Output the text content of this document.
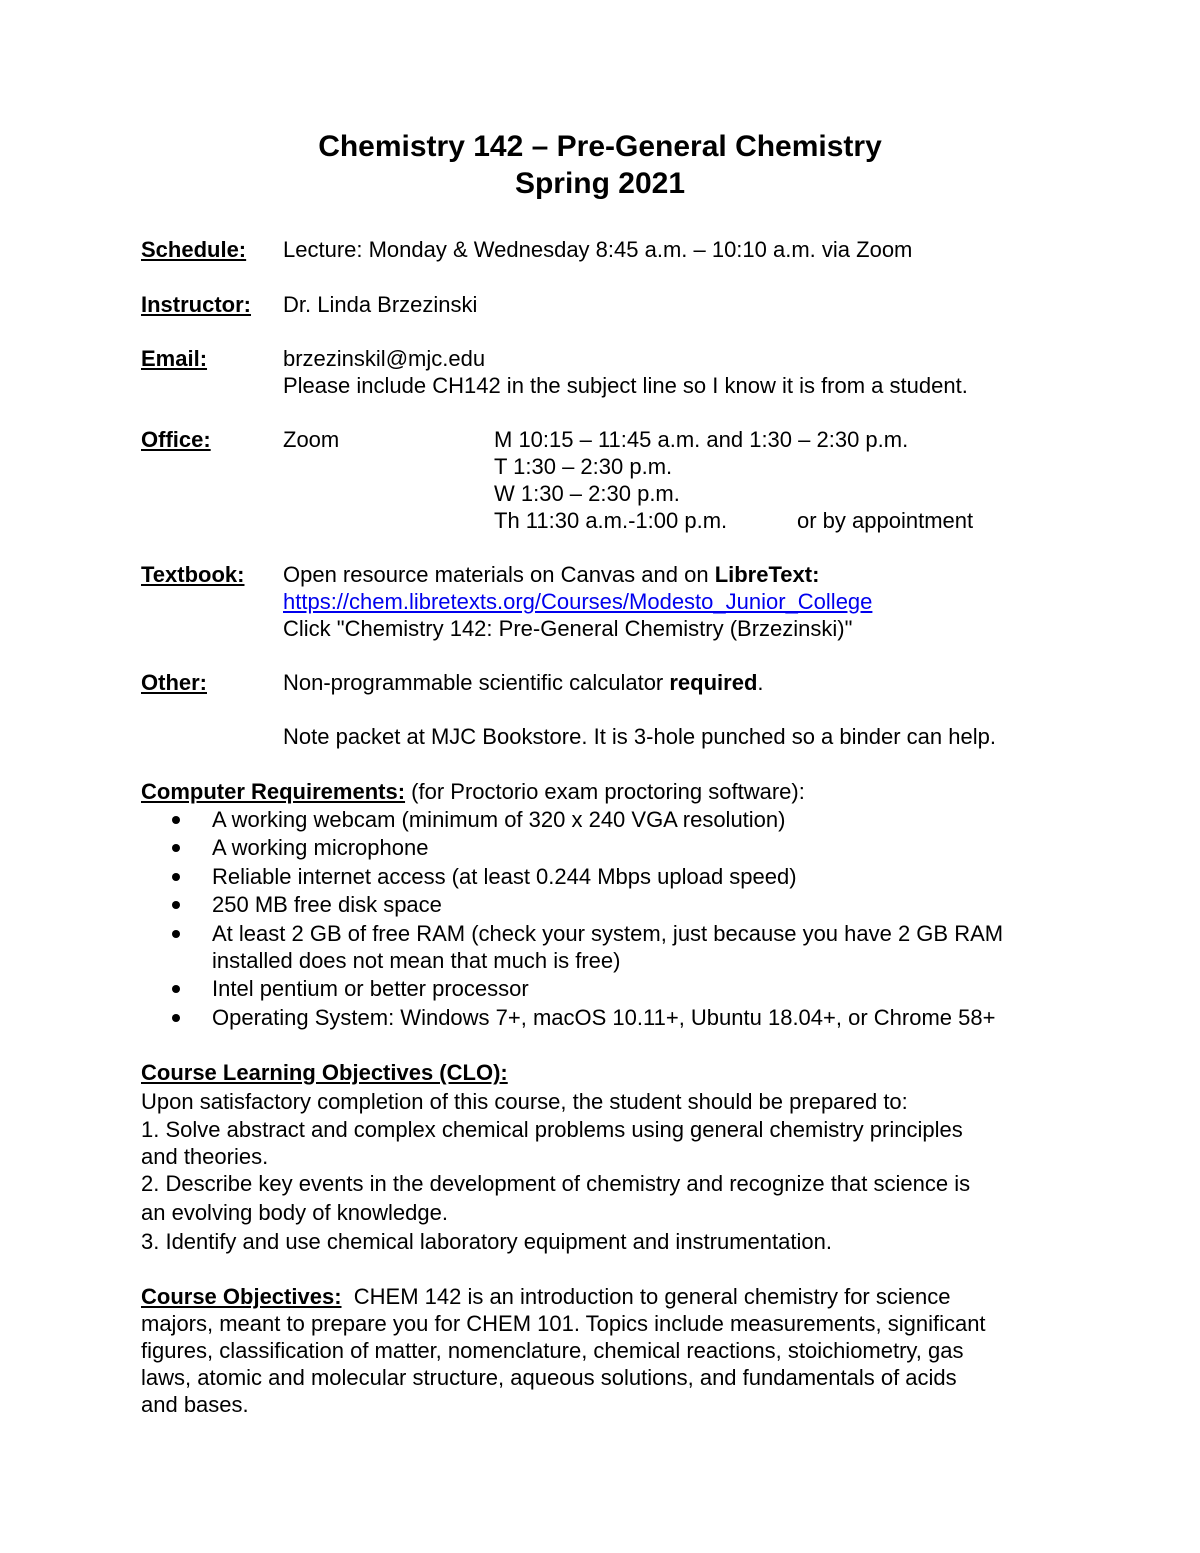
Chemistry 142 – Pre-General Chemistry
Spring 2021
Schedule: Lecture: Monday & Wednesday 8:45 a.m. – 10:10 a.m. via Zoom
Instructor: Dr. Linda Brzezinski
Email:	brzezinskil@mjc.edu
Please include CH142 in the subject line so I know it is from a student.
Office:	Zoom	M 10:15 – 11:45 a.m. and 1:30 – 2:30 p.m.
T 1:30 – 2:30 p.m.
W 1:30 – 2:30 p.m.
Th 11:30 a.m.-1:00 p.m.	or by appointment
Textbook: Open resource materials on Canvas and on LibreText:
https://chem.libretexts.org/Courses/Modesto_Junior_College
Click "Chemistry 142: Pre-General Chemistry (Brzezinski)"
Other:	Non-programmable scientific calculator required.
Note packet at MJC Bookstore. It is 3-hole punched so a binder can help.
Computer Requirements: (for Proctorio exam proctoring software):
A working webcam (minimum of 320 x 240 VGA resolution)
A working microphone
Reliable internet access (at least 0.244 Mbps upload speed)
250 MB free disk space
At least 2 GB of free RAM (check your system, just because you have 2 GB RAM
installed does not mean that much is free)
Intel pentium or better processor
Operating System: Windows 7+, macOS 10.11+, Ubuntu 18.04+, or Chrome 58+
Course Learning Objectives (CLO):
Upon satisfactory completion of this course, the student should be prepared to:
1. Solve abstract and complex chemical problems using general chemistry principles
and theories.
2. Describe key events in the development of chemistry and recognize that science is
an evolving body of knowledge.
3. Identify and use chemical laboratory equipment and instrumentation.
Course Objectives:  CHEM 142 is an introduction to general chemistry for science
majors, meant to prepare you for CHEM 101. Topics include measurements, significant
figures, classification of matter, nomenclature, chemical reactions, stoichiometry, gas
laws, atomic and molecular structure, aqueous solutions, and fundamentals of acids
and bases.
